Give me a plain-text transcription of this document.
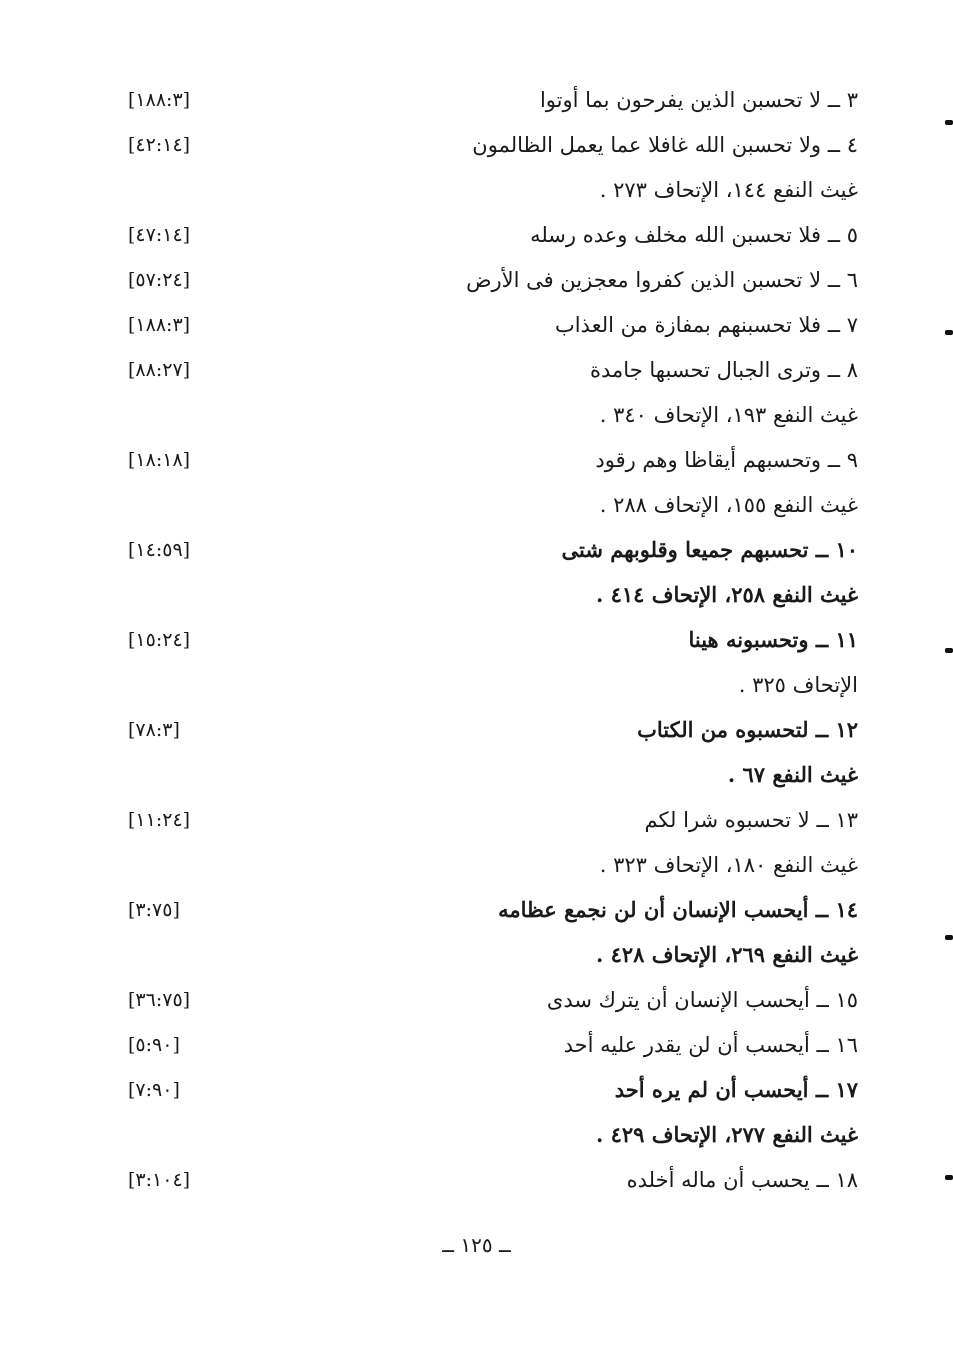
٣ ــ لا تحسبن الذين يفرحون بما أوتوا
[١٨٨:٣]
٤ ــ ولا تحسبن الله غافلا عما يعمل الظالمون
[٤٢:١٤]
غيث النفع ١٤٤، الإتحاف ٢٧٣ .
٥ ــ فلا تحسبن الله مخلف وعده رسله
[٤٧:١٤]
٦ ــ لا تحسبن الذين كفروا معجزين فى الأرض
[٥٧:٢٤]
٧ ــ فلا تحسبنهم بمفازة من العذاب
[١٨٨:٣]
٨ ــ وترى الجبال تحسبها جامدة
[٨٨:٢٧]
غيث النفع ١٩٣، الإتحاف ٣٤٠ .
٩ ــ وتحسبهم أيقاظا وهم رقود
[١٨:١٨]
غيث النفع ١٥٥، الإتحاف ٢٨٨ .
١٠ ــ تحسبهم جميعا وقلوبهم شتى
[١٤:٥٩]
غيث النفع ٢٥٨، الإتحاف ٤١٤ .
١١ ــ وتحسبونه هينا
[١٥:٢٤]
الإتحاف ٣٢٥ .
١٢ ــ لتحسبوه من الكتاب
[٧٨:٣]
غيث النفع ٦٧ .
١٣ ــ لا تحسبوه شرا لكم
[١١:٢٤]
غيث النفع ١٨٠، الإتحاف ٣٢٣ .
١٤ ــ أيحسب الإنسان أن لن نجمع عظامه
[٣:٧٥]
غيث النفع ٢٦٩، الإتحاف ٤٢٨ .
١٥ ــ أيحسب الإنسان أن يترك سدى
[٣٦:٧٥]
١٦ ــ أيحسب أن لن يقدر عليه أحد
[٥:٩٠]
١٧ ــ أيحسب أن لم يره أحد
[٧:٩٠]
غيث النفع ٢٧٧، الإتحاف ٤٢٩ .
١٨ ــ يحسب أن ماله أخلده
[٣:١٠٤]
ــ ١٢٥ ــ
